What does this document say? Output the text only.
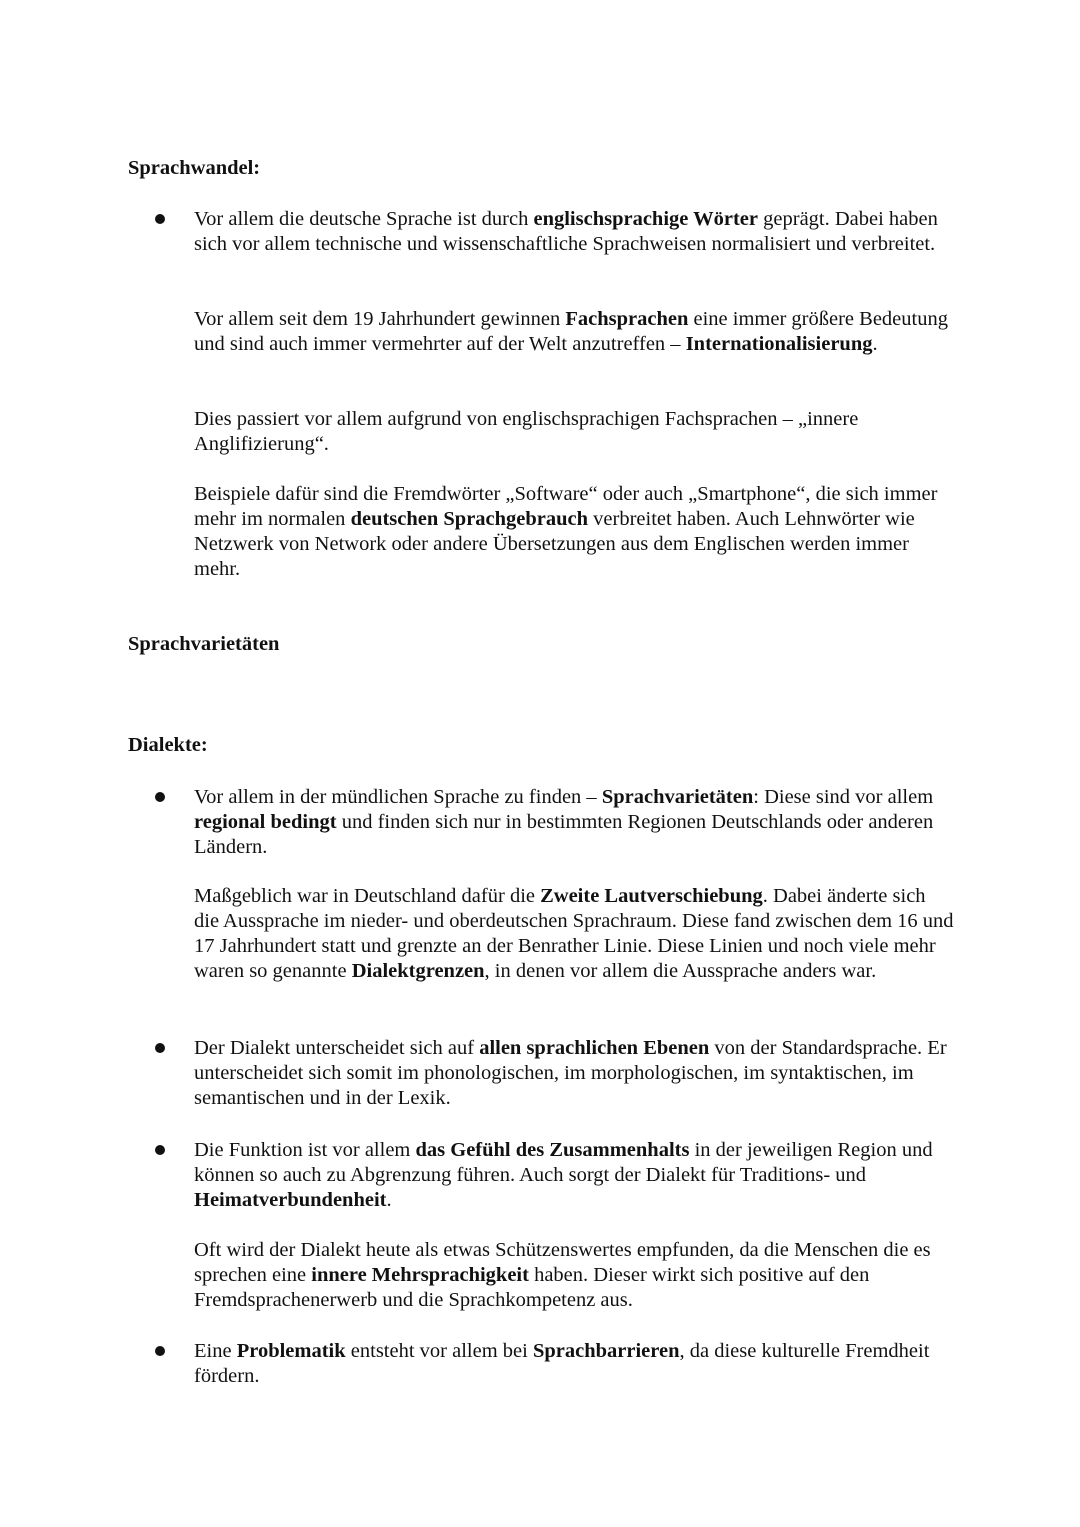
Sprachwandel:

Vor allem die deutsche Sprache ist durch englischsprachige Wörter geprägt. Dabei haben sich vor allem technische und wissenschaftliche Sprachweisen normalisiert und verbreitet.

Vor allem seit dem 19 Jahrhundert gewinnen Fachsprachen eine immer größere Bedeutung und sind auch immer vermehrter auf der Welt anzutreffen – Internationalisierung.

Dies passiert vor allem aufgrund von englischsprachigen Fachsprachen – „innere Anglifizierung“.

Beispiele dafür sind die Fremdwörter „Software“ oder auch „Smartphone“, die sich immer mehr im normalen deutschen Sprachgebrauch verbreitet haben. Auch Lehnwörter wie Netzwerk von Network oder andere Übersetzungen aus dem Englischen werden immer mehr.

Sprachvarietäten
Dialekte:

Vor allem in der mündlichen Sprache zu finden – Sprachvarietäten: Diese sind vor allem regional bedingt und finden sich nur in bestimmten Regionen Deutschlands oder anderen Ländern.

Maßgeblich war in Deutschland dafür die Zweite Lautverschiebung. Dabei änderte sich die Aussprache im nieder- und oberdeutschen Sprachraum. Diese fand zwischen dem 16 und 17 Jahrhundert statt und grenzte an der Benrather Linie. Diese Linien und noch viele mehr waren so genannte Dialektgrenzen, in denen vor allem die Aussprache anders war.

Der Dialekt unterscheidet sich auf allen sprachlichen Ebenen von der Standardsprache. Er unterscheidet sich somit im phonologischen, im morphologischen, im syntaktischen, im semantischen und in der Lexik.

Die Funktion ist vor allem das Gefühl des Zusammenhalts in der jeweiligen Region und können so auch zu Abgrenzung führen. Auch sorgt der Dialekt für Traditions- und Heimatverbundenheit.

Oft wird der Dialekt heute als etwas Schützenswertes empfunden, da die Menschen die es sprechen eine innere Mehrsprachigkeit haben. Dieser wirkt sich positive auf den Fremdsprachenerwerb und die Sprachkompetenz aus.

Eine Problematik entsteht vor allem bei Sprachbarrieren, da diese kulturelle Fremdheit fördern.
